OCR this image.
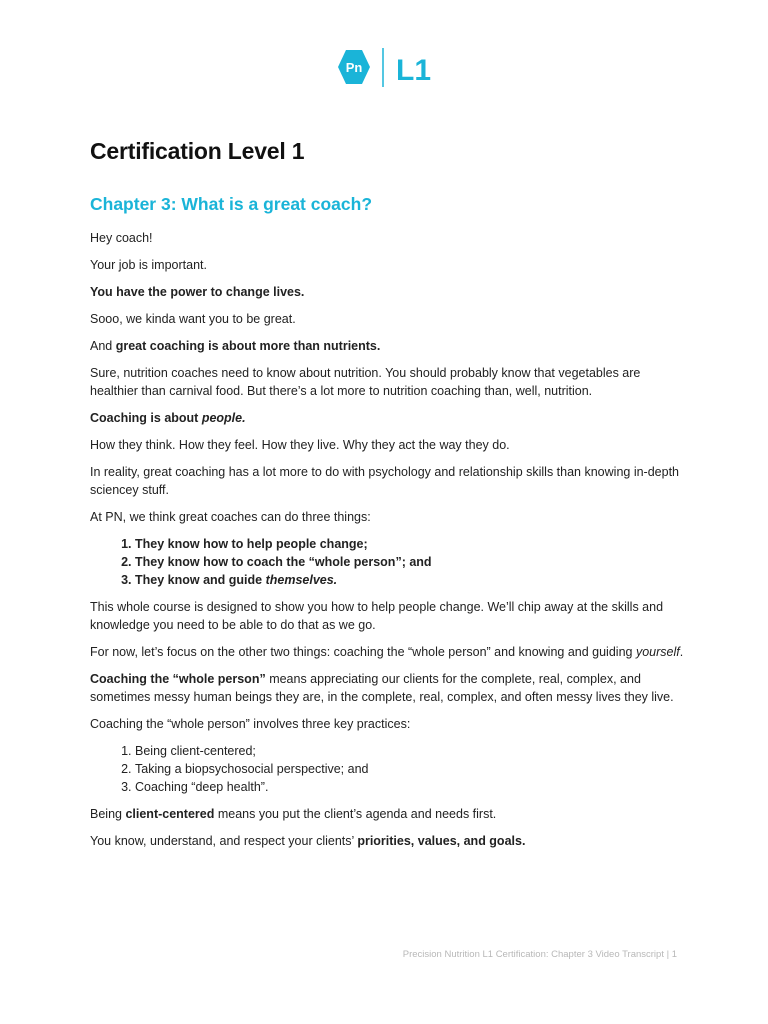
Pn L1
Certification Level 1
Chapter 3: What is a great coach?

Hey coach!

Your job is important.

You have the power to change lives.

Sooo, we kinda want you to be great.

And great coaching is about more than nutrients.

Sure, nutrition coaches need to know about nutrition. You should probably know that vegetables are healthier than carnival food. But there’s a lot more to nutrition coaching than, well, nutrition.

Coaching is about people.

How they think. How they feel. How they live. Why they act the way they do.

In reality, great coaching has a lot more to do with psychology and relationship skills than knowing in-depth sciencey stuff.

At PN, we think great coaches can do three things:

1. They know how to help people change;
2. They know how to coach the “whole person”; and
3. They know and guide themselves.

This whole course is designed to show you how to help people change. We’ll chip away at the skills and knowledge you need to be able to do that as we go.

For now, let’s focus on the other two things: coaching the “whole person” and knowing and guiding yourself.

Coaching the “whole person” means appreciating our clients for the complete, real, complex, and sometimes messy human beings they are, in the complete, real, complex, and often messy lives they live.

Coaching the “whole person” involves three key practices:

1. Being client-centered;
2. Taking a biopsychosocial perspective; and
3. Coaching “deep health”.

Being client-centered means you put the client’s agenda and needs first.

You know, understand, and respect your clients’ priorities, values, and goals.

Precision Nutrition L1 Certification: Chapter 3 Video Transcript | 1
